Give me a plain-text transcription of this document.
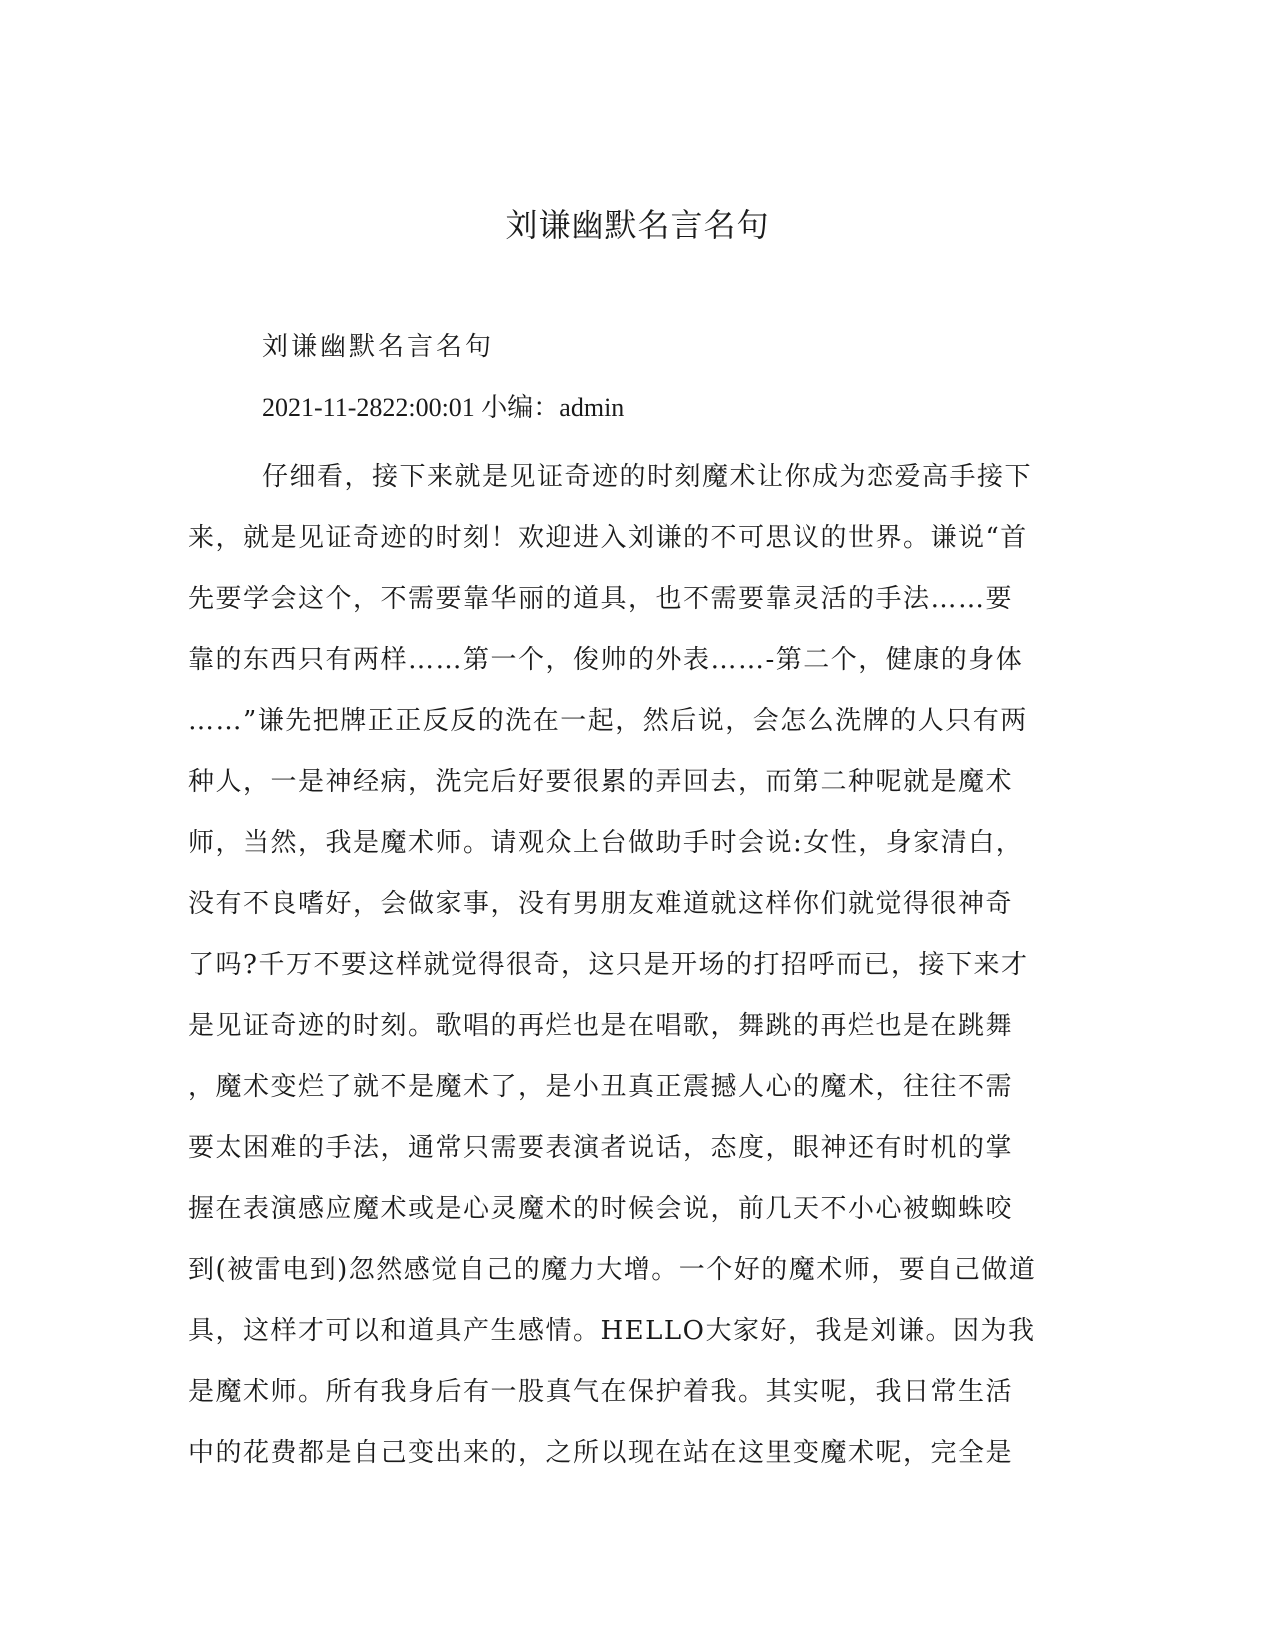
刘谦幽默名言名句

刘谦幽默名言名句

2021-11-2822:00:01 小编：admin

仔细看，接下来就是见证奇迹的时刻魔术让你成为恋爱高手接下
来，就是见证奇迹的时刻！欢迎进入刘谦的不可思议的世界。谦说“首
先要学会这个，不需要靠华丽的道具，也不需要靠灵活的手法……要
靠的东西只有两样……第一个，俊帅的外表……-第二个，健康的身体
……”谦先把牌正正反反的洗在一起，然后说，会怎么洗牌的人只有两
种人，一是神经病，洗完后好要很累的弄回去，而第二种呢就是魔术
师，当然，我是魔术师。请观众上台做助手时会说:女性，身家清白，
没有不良嗜好，会做家事，没有男朋友难道就这样你们就觉得很神奇
了吗?千万不要这样就觉得很奇，这只是开场的打招呼而已，接下来才
是见证奇迹的时刻。歌唱的再烂也是在唱歌，舞跳的再烂也是在跳舞
，魔术变烂了就不是魔术了，是小丑真正震撼人心的魔术，往往不需
要太困难的手法，通常只需要表演者说话，态度，眼神还有时机的掌
握在表演感应魔术或是心灵魔术的时候会说，前几天不小心被蜘蛛咬
到(被雷电到)忽然感觉自己的魔力大增。一个好的魔术师，要自己做道
具，这样才可以和道具产生感情。HELLO大家好，我是刘谦。因为我
是魔术师。所有我身后有一股真气在保护着我。其实呢，我日常生活
中的花费都是自己变出来的，之所以现在站在这里变魔术呢，完全是
